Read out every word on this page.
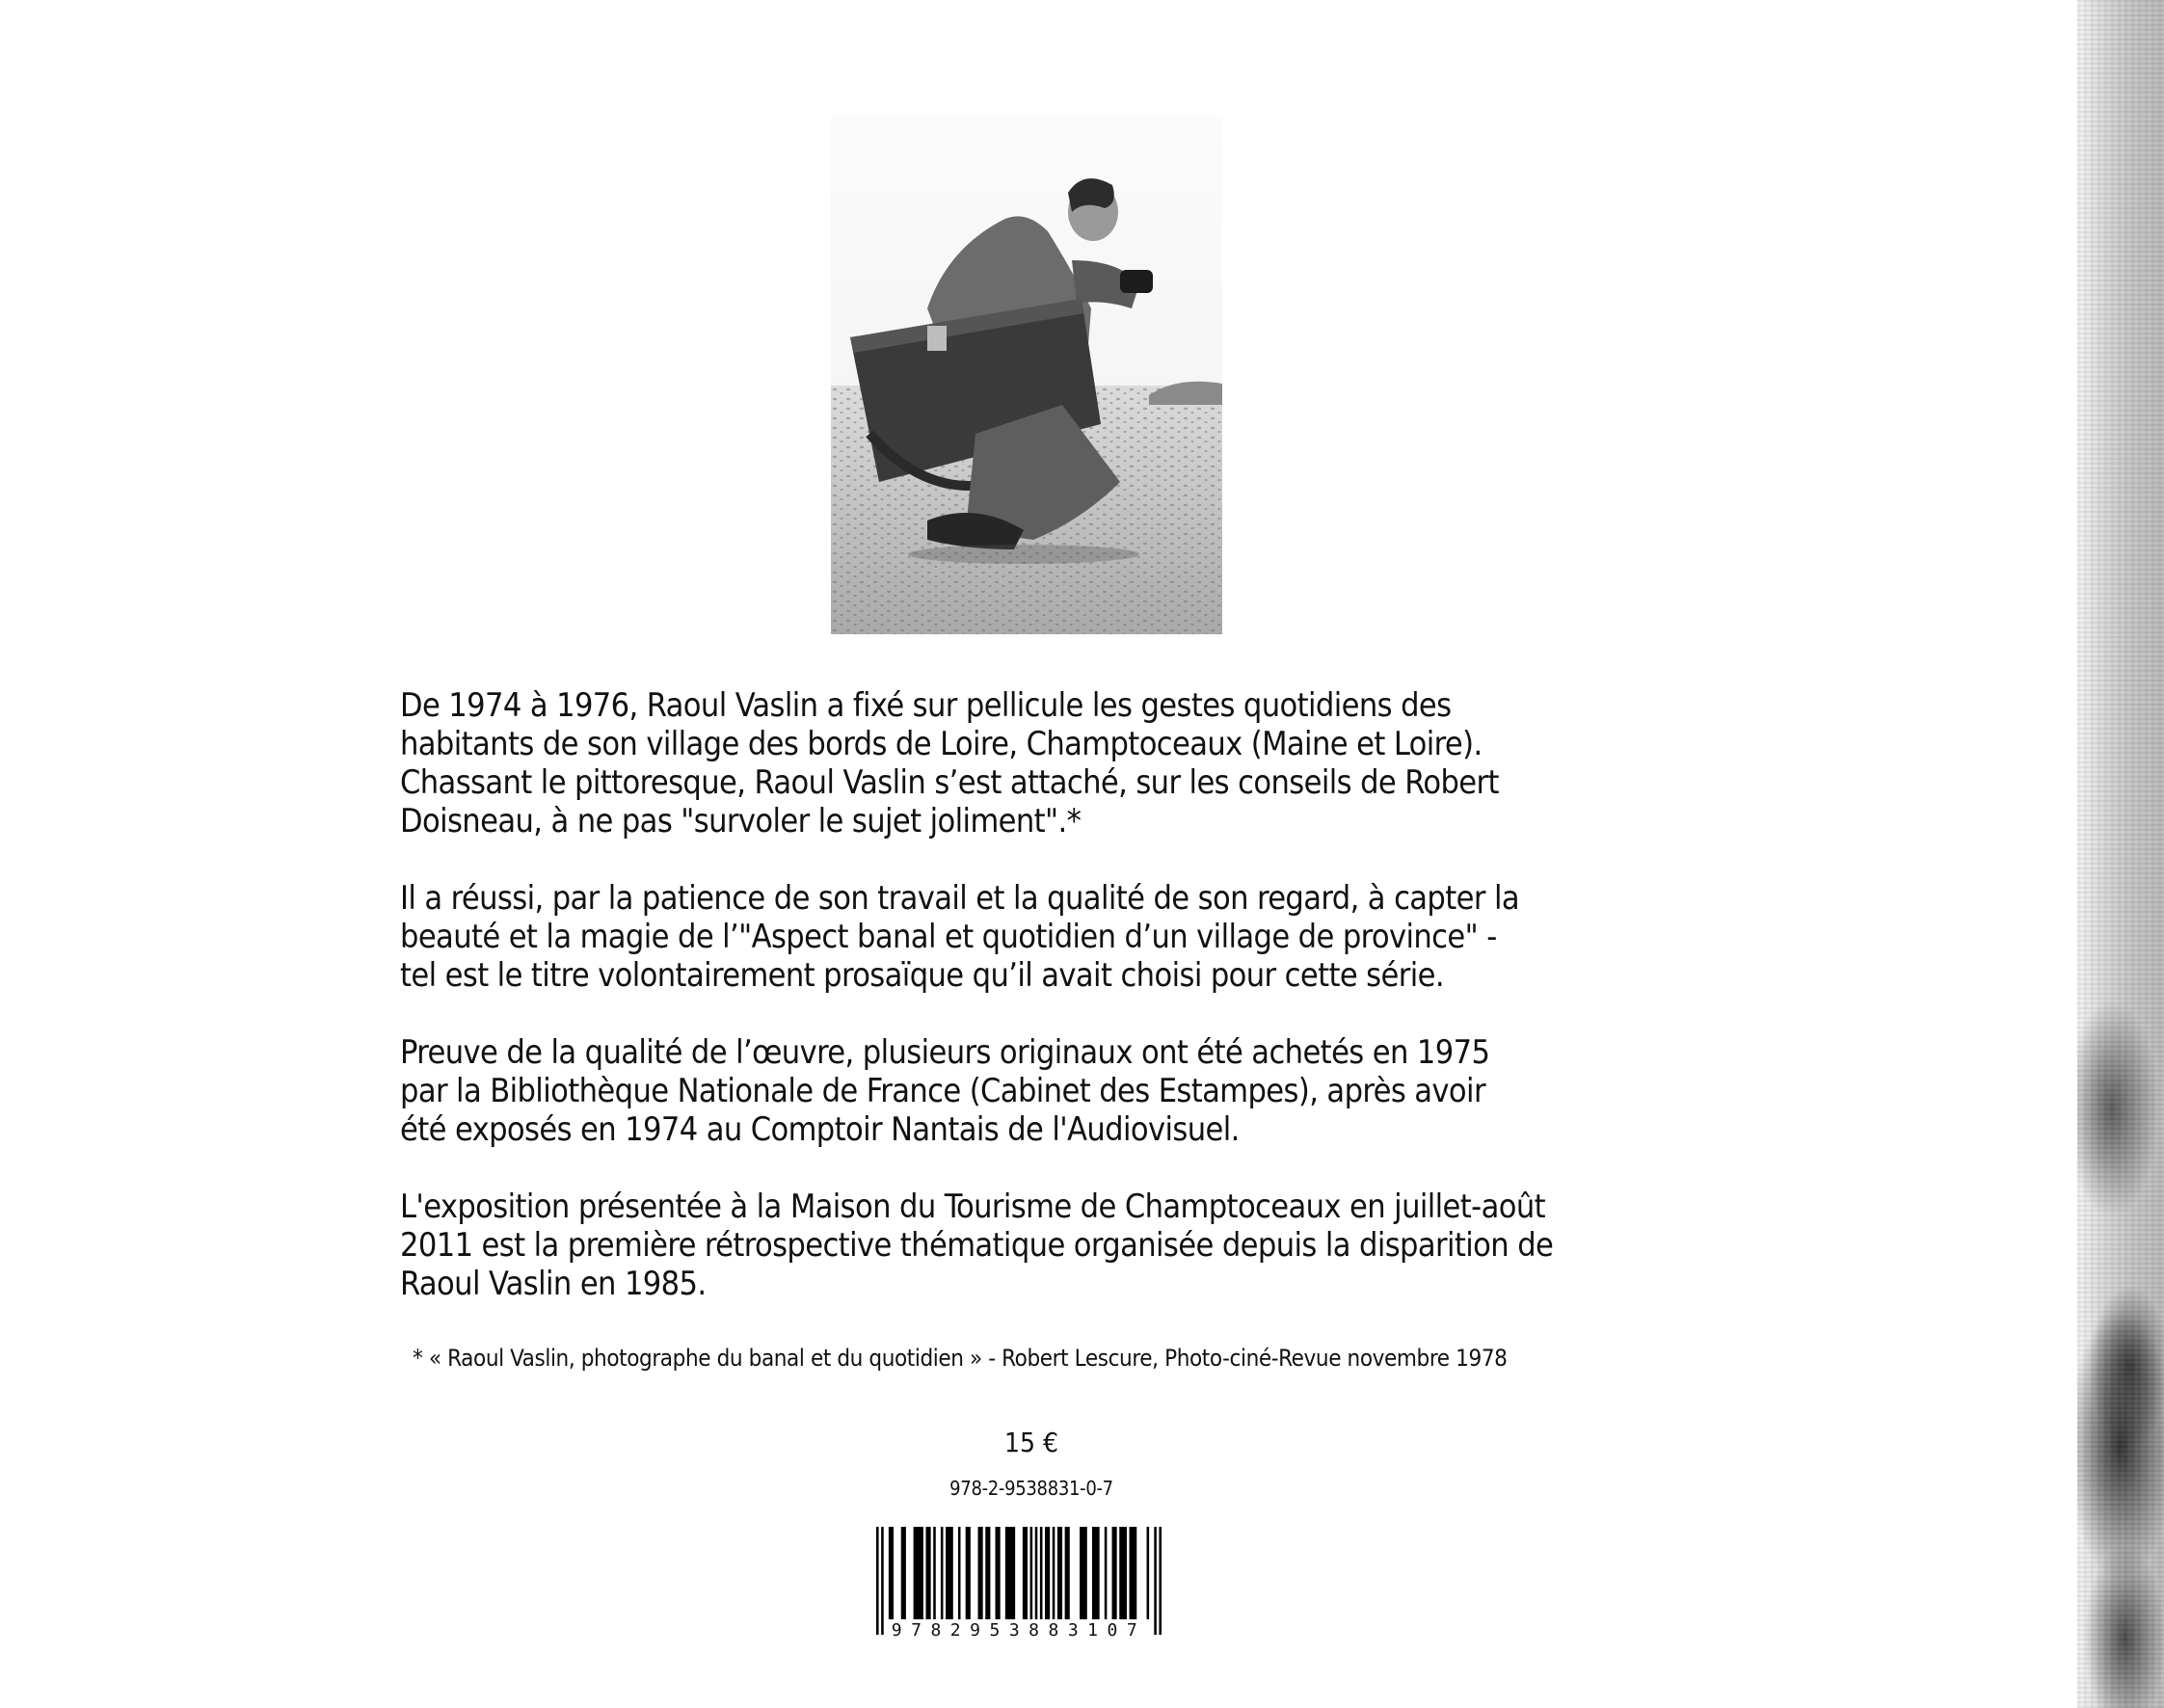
De 1974 à 1976, Raoul Vaslin a fixé sur pellicule les gestes quotidiens des
habitants de son village des bords de Loire, Champtoceaux (Maine et Loire).
Chassant le pittoresque, Raoul Vaslin s’est attaché, sur les conseils de Robert
Doisneau, à ne pas "survoler le sujet joliment".*

Il a réussi, par la patience de son travail et la qualité de son regard, à capter la
beauté et la magie de l’"Aspect banal et quotidien d’un village de province" -
tel est le titre volontairement prosaïque qu’il avait choisi pour cette série.

Preuve de la qualité de l’œuvre, plusieurs originaux ont été achetés en 1975
par la Bibliothèque Nationale de France (Cabinet des Estampes), après avoir
été exposés en 1974 au Comptoir Nantais de l'Audiovisuel.

L'exposition présentée à la Maison du Tourisme de Champtoceaux en juillet-août
2011 est la première rétrospective thématique organisée depuis la disparition de
Raoul Vaslin en 1985.

* « Raoul Vaslin, photographe du banal et du quotidien » - Robert Lescure, Photo-ciné-Revue novembre 1978
15 €
978-2-9538831-0-7
9782953883107
